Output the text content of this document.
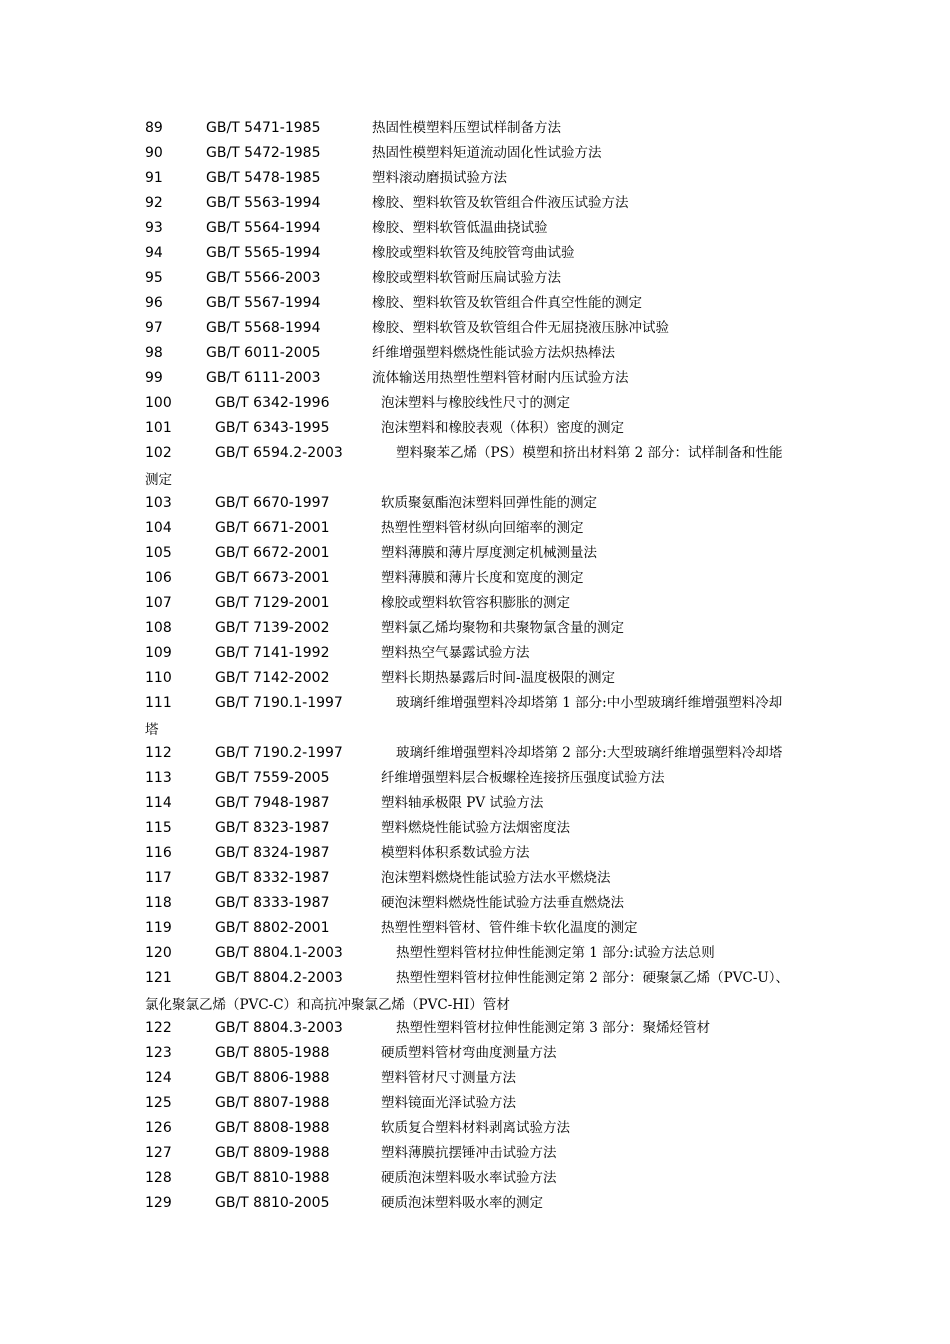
89	GB/T 5471-1985	热固性模塑料压塑试样制备方法
90	GB/T 5472-1985	热固性模塑料矩道流动固化性试验方法
91	GB/T 5478-1985	塑料滚动磨损试验方法
92	GB/T 5563-1994	橡胶、塑料软管及软管组合件液压试验方法
93	GB/T 5564-1994	橡胶、塑料软管低温曲挠试验
94	GB/T 5565-1994	橡胶或塑料软管及纯胶管弯曲试验
95	GB/T 5566-2003	橡胶或塑料软管耐压扁试验方法
96	GB/T 5567-1994	橡胶、塑料软管及软管组合件真空性能的测定
97	GB/T 5568-1994	橡胶、塑料软管及软管组合件无屈挠液压脉冲试验
98	GB/T 6011-2005	纤维增强塑料燃烧性能试验方法炽热棒法
99	GB/T 6111-2003	流体输送用热塑性塑料管材耐内压试验方法
100	GB/T 6342-1996	泡沫塑料与橡胶线性尺寸的测定
101	GB/T 6343-1995	泡沫塑料和橡胶表观（体积）密度的测定
102	GB/T 6594.2-2003	塑料聚苯乙烯（PS）模塑和挤出材料第 2 部分：试样制备和性能
测定
103	GB/T 6670-1997	软质聚氨酯泡沫塑料回弹性能的测定
104	GB/T 6671-2001	热塑性塑料管材纵向回缩率的测定
105	GB/T 6672-2001	塑料薄膜和薄片厚度测定机械测量法
106	GB/T 6673-2001	塑料薄膜和薄片长度和宽度的测定
107	GB/T 7129-2001	橡胶或塑料软管容积膨胀的测定
108	GB/T 7139-2002	塑料氯乙烯均聚物和共聚物氯含量的测定
109	GB/T 7141-1992	塑料热空气暴露试验方法
110	GB/T 7142-2002	塑料长期热暴露后时间-温度极限的测定
111	GB/T 7190.1-1997	玻璃纤维增强塑料冷却塔第 1 部分:中小型玻璃纤维增强塑料冷却
塔
112	GB/T 7190.2-1997	玻璃纤维增强塑料冷却塔第 2 部分:大型玻璃纤维增强塑料冷却塔
113	GB/T 7559-2005	纤维增强塑料层合板螺栓连接挤压强度试验方法
114	GB/T 7948-1987	塑料轴承极限 PV 试验方法
115	GB/T 8323-1987	塑料燃烧性能试验方法烟密度法
116	GB/T 8324-1987	模塑料体积系数试验方法
117	GB/T 8332-1987	泡沫塑料燃烧性能试验方法水平燃烧法
118	GB/T 8333-1987	硬泡沫塑料燃烧性能试验方法垂直燃烧法
119	GB/T 8802-2001	热塑性塑料管材、管件维卡软化温度的测定
120	GB/T 8804.1-2003	热塑性塑料管材拉伸性能测定第 1 部分:试验方法总则
121	GB/T 8804.2-2003	热塑性塑料管材拉伸性能测定第 2 部分：硬聚氯乙烯（PVC-U）、
氯化聚氯乙烯（PVC-C）和高抗冲聚氯乙烯（PVC-HI）管材
122	GB/T 8804.3-2003	热塑性塑料管材拉伸性能测定第 3 部分：聚烯烃管材
123	GB/T 8805-1988	硬质塑料管材弯曲度测量方法
124	GB/T 8806-1988	塑料管材尺寸测量方法
125	GB/T 8807-1988	塑料镜面光泽试验方法
126	GB/T 8808-1988	软质复合塑料材料剥离试验方法
127	GB/T 8809-1988	塑料薄膜抗摆锤冲击试验方法
128	GB/T 8810-1988	硬质泡沫塑料吸水率试验方法
129	GB/T 8810-2005	硬质泡沫塑料吸水率的测定
